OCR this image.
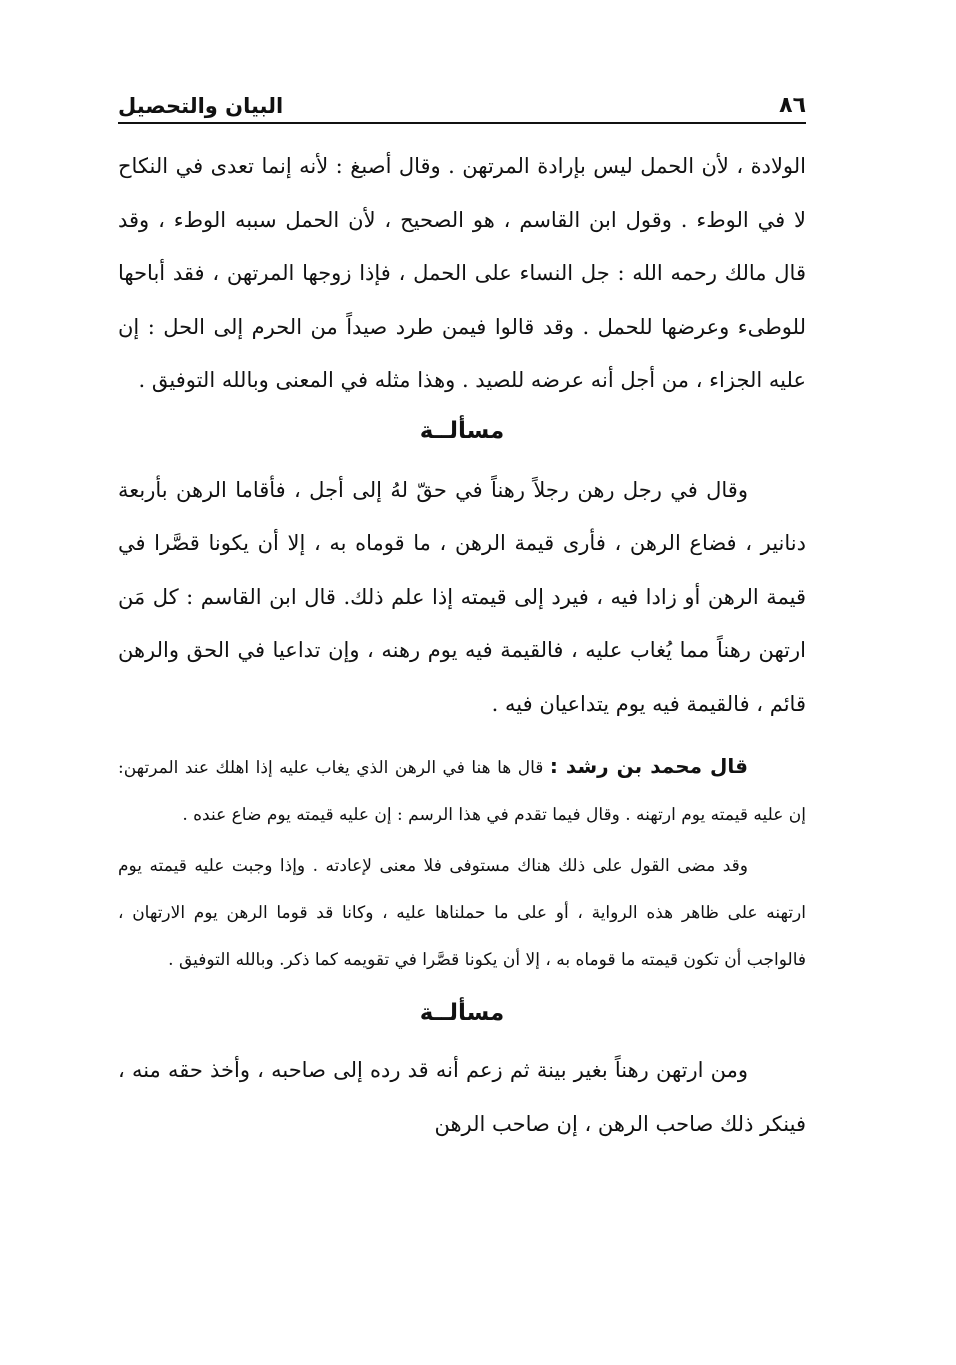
٨٦
البيان والتحصيل

الولادة ، لأن الحمل ليس بإرادة المرتهن . وقال أصبغ : لأنه إنما تعدى في النكاح لا في الوطء . وقول ابن القاسم ، هو الصحيح ، لأن الحمل سببه الوطء ، وقد قال مالك رحمه الله : جل النساء على الحمل ، فإذا زوجها المرتهن ، فقد أباحها للوطىء وعرضها للحمل . وقد قالوا فيمن طرد صيداً من الحرم إلى الحل : إن عليه الجزاء ، من أجل أنه عرضه للصيد . وهذا مثله في المعنى وبالله التوفيق .

مسألــة

وقال في رجل رهن رجلاً رهناً في حقّ لهُ إلى أجل ، فأقاما الرهن بأربعة دنانير ، فضاع الرهن ، فأرى قيمة الرهن ، ما قوماه به ، إلا أن يكونا قصَّرا في قيمة الرهن أو زادا فيه ، فيرد إلى قيمته إذا علم ذلك. قال ابن القاسم : كل مَن ارتهن رهناً مما يُغاب عليه ، فالقيمة فيه يوم رهنه ، وإن تداعيا في الحق والرهن قائم ، فالقيمة فيه يوم يتداعيان فيه .

قال محمد بن رشد : قال ها هنا في الرهن الذي يغاب عليه إذا اهلك عند المرتهن: إن عليه قيمته يوم ارتهنه . وقال فيما تقدم في هذا الرسم : إن عليه قيمته يوم ضاع عنده .

وقد مضى القول على ذلك هناك مستوفى فلا معنى لإعادته . وإذا وجبت عليه قيمته يوم ارتهنه على ظاهر هذه الرواية ، أو على ما حملناها عليه ، وكانا قد قوما الرهن يوم الارتهان ، فالواجب أن تكون قيمته ما قوماه به ، إلا أن يكونا قصَّرا في تقويمه كما ذكر. وبالله التوفيق .

مسألــة

ومن ارتهن رهناً بغير بينة ثم زعم أنه قد رده إلى صاحبه ، وأخذ حقه منه ، فينكر ذلك صاحب الرهن ، إن صاحب الرهن
